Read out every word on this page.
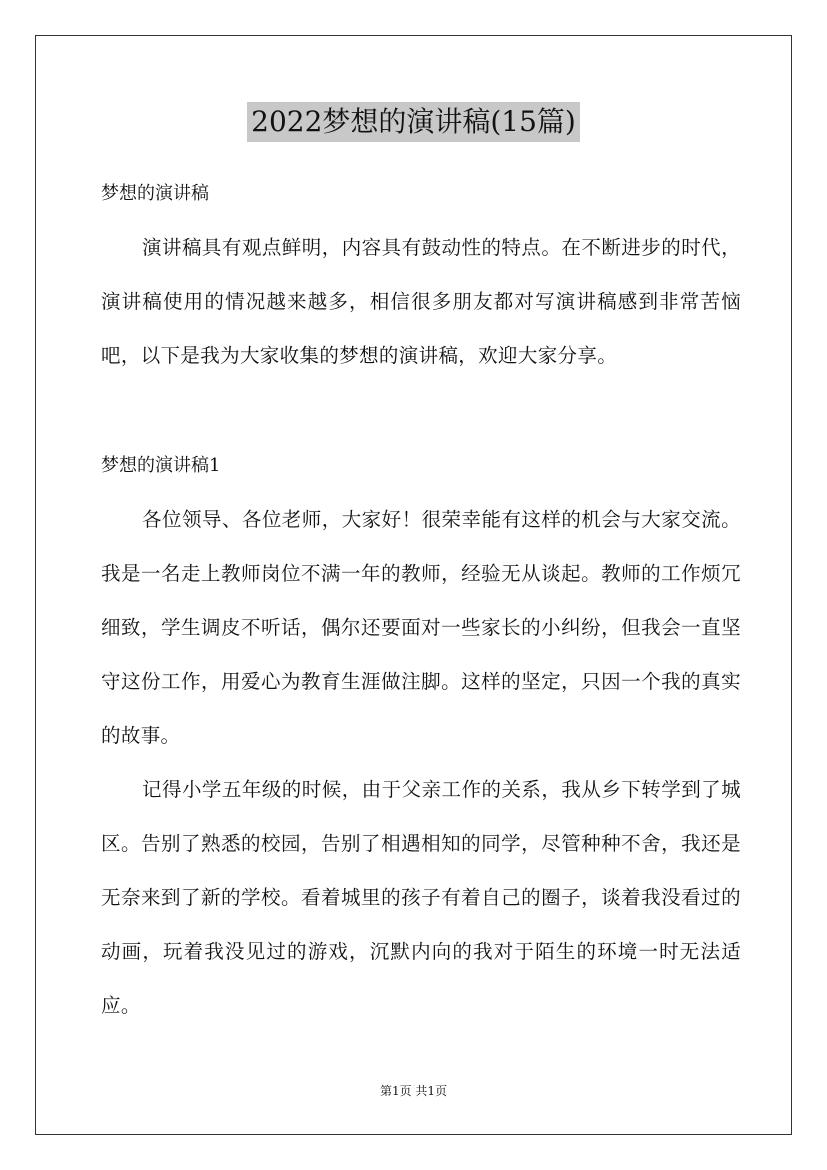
2022梦想的演讲稿(15篇)
梦想的演讲稿

演讲稿具有观点鲜明，内容具有鼓动性的特点。在不断进步的时代，演讲稿使用的情况越来越多，相信很多朋友都对写演讲稿感到非常苦恼吧，以下是我为大家收集的梦想的演讲稿，欢迎大家分享。

梦想的演讲稿1

各位领导、各位老师，大家好！很荣幸能有这样的机会与大家交流。我是一名走上教师岗位不满一年的教师，经验无从谈起。教师的工作烦冗细致，学生调皮不听话，偶尔还要面对一些家长的小纠纷，但我会一直坚守这份工作，用爱心为教育生涯做注脚。这样的坚定，只因一个我的真实的故事。

记得小学五年级的时候，由于父亲工作的关系，我从乡下转学到了城区。告别了熟悉的校园，告别了相遇相知的同学，尽管种种不舍，我还是无奈来到了新的学校。看着城里的孩子有着自己的圈子，谈着我没看过的动画，玩着我没见过的游戏，沉默内向的我对于陌生的环境一时无法适应。

第1页 共1页
